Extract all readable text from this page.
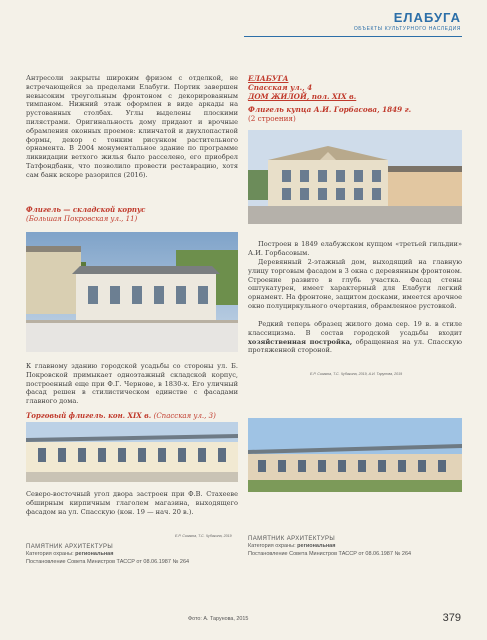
ЕЛАБУГА
ОБЪЕКТЫ КУЛЬТУРНОГО НАСЛЕДИЯ
Антресоли закрыты широким фризом с отделкой, не встречающейся за пределами Елабуги. Портик завершен невысоким треугольным фронтоном с декорированным тимпаном. Нижний этаж оформлен в виде аркады на рустованных столбах. Углы выделены плоскими пилястрами. Оригинальность дому придают и врочные обрамления оконных проемов: клинчатой и двухлопастной формы, декор с тонким рисунком растительного орнамента. В 2004 монументальное здание по программе ликвидации ветхого жилья было расселено, его приобрел Татфондбанк, что позволило провести реставрацию, хотя сам банк вскоре разорился (2016).
Флигель — складской корпус
(Большая Покровская ул., 11)
К главному зданию городской усадьбы со стороны ул. Б. Покровской примыкает одноэтажный складской корпус, построенный еще при Ф.Г. Чернове, в 1830-х. Его уличный фасад решен в стилистическом единстве с фасадами главного дома.
Торговый флигель. кон. XIX в. (Спасская ул., 3)
Северо-восточный угол двора застроен при Ф.В. Стахееве обширным кирпичным глаголем магазина, выходящего фасадом на ул. Спасскую (кон. 19 — нач. 20 в.).
Е.Р. Сизакоа, Т.С. Чубакина, 2019
ПАМЯТНИК АРХИТЕКТУРЫ
Категория охраны: региональная
Постановление Совета Министров ТАССР от 08.06.1987 № 264
ЕЛАБУГА
Спасская ул., 4
ДОМ ЖИЛОЙ, пол. XIX в.
Флигель купца А.И. Горбасова, 1849 г.
(2 строения)
Построен в 1849 елабужском купцом «третьей гильдии» А.И. Горбасовым.
Деревянный 2-этажный дом, выходящий на главную улицу торговым фасадом в 3 окна с деревянным фронтоном. Строение развито в глубь участка. Фасад стены оштукатурен, имеет характерный для Елабуги легкий орнамент. На фронтоне, защитом досками, имеется арочное окно полуциркульного очертания, обрамленное рустовкой.
Редкий теперь образец жилого дома сер. 19 в. в стиле классицизма. В состав городской усадьбы входит хозяйственная постройка, обращенная на ул. Спасскую протяженной стороной.
Е.Р. Сизакоа, Т.С. Чубакина, 2019, А.И. Тарунова, 2019
ПАМЯТНИК АРХИТЕКТУРЫ
Категория охраны: региональная
Постановление Совета Министров ТАССР от 08.06.1987 № 264
Фото: А. Тарунова, 2015	379
